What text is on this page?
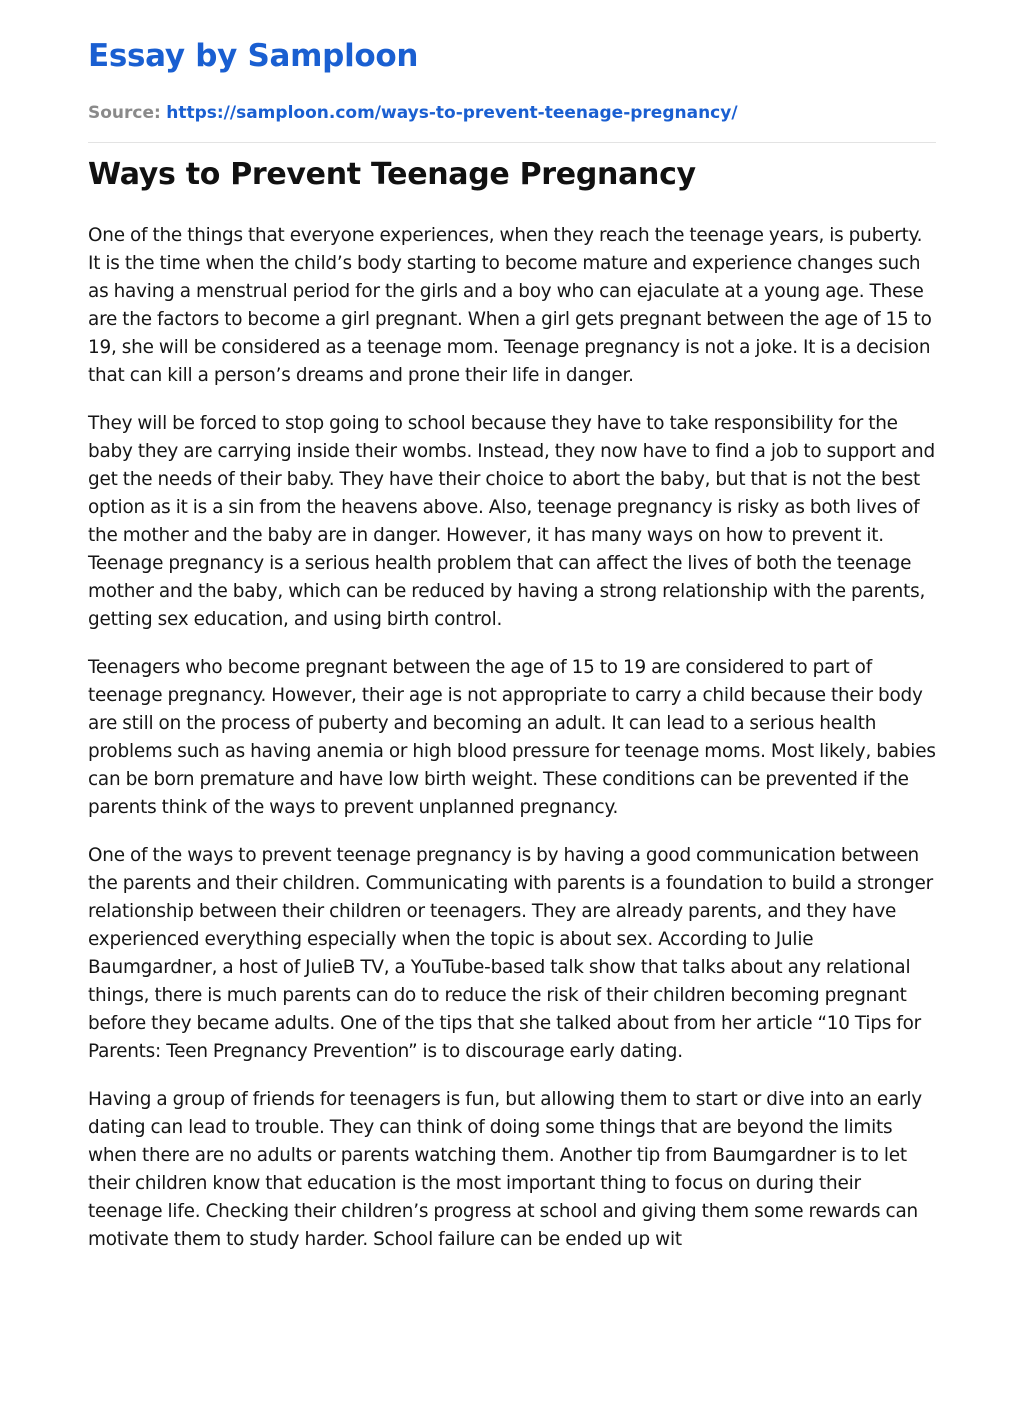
Essay by Samploon
Source: https://samploon.com/ways-to-prevent-teenage-pregnancy/
Ways to Prevent Teenage Pregnancy

One of the things that everyone experiences, when they reach the teenage years, is puberty. It is the time when the child’s body starting to become mature and experience changes such as having a menstrual period for the girls and a boy who can ejaculate at a young age. These are the factors to become a girl pregnant. When a girl gets pregnant between the age of 15 to 19, she will be considered as a teenage mom. Teenage pregnancy is not a joke. It is a decision that can kill a person’s dreams and prone their life in danger.

They will be forced to stop going to school because they have to take responsibility for the baby they are carrying inside their wombs. Instead, they now have to find a job to support and get the needs of their baby. They have their choice to abort the baby, but that is not the best option as it is a sin from the heavens above. Also, teenage pregnancy is risky as both lives of the mother and the baby are in danger. However, it has many ways on how to prevent it. Teenage pregnancy is a serious health problem that can affect the lives of both the teenage mother and the baby, which can be reduced by having a strong relationship with the parents, getting sex education, and using birth control.

Teenagers who become pregnant between the age of 15 to 19 are considered to part of teenage pregnancy. However, their age is not appropriate to carry a child because their body are still on the process of puberty and becoming an adult. It can lead to a serious health problems such as having anemia or high blood pressure for teenage moms. Most likely, babies can be born premature and have low birth weight. These conditions can be prevented if the parents think of the ways to prevent unplanned pregnancy.

One of the ways to prevent teenage pregnancy is by having a good communication between the parents and their children. Communicating with parents is a foundation to build a stronger relationship between their children or teenagers. They are already parents, and they have experienced everything especially when the topic is about sex. According to Julie Baumgardner, a host of JulieB TV, a YouTube-based talk show that talks about any relational things, there is much parents can do to reduce the risk of their children becoming pregnant before they became adults. One of the tips that she talked about from her article “10 Tips for Parents: Teen Pregnancy Prevention” is to discourage early dating.

Having a group of friends for teenagers is fun, but allowing them to start or dive into an early dating can lead to trouble. They can think of doing some things that are beyond the limits when there are no adults or parents watching them. Another tip from Baumgardner is to let their children know that education is the most important thing to focus on during their teenage life. Checking their children’s progress at school and giving them some rewards can motivate them to study harder. School failure can be ended up wit
